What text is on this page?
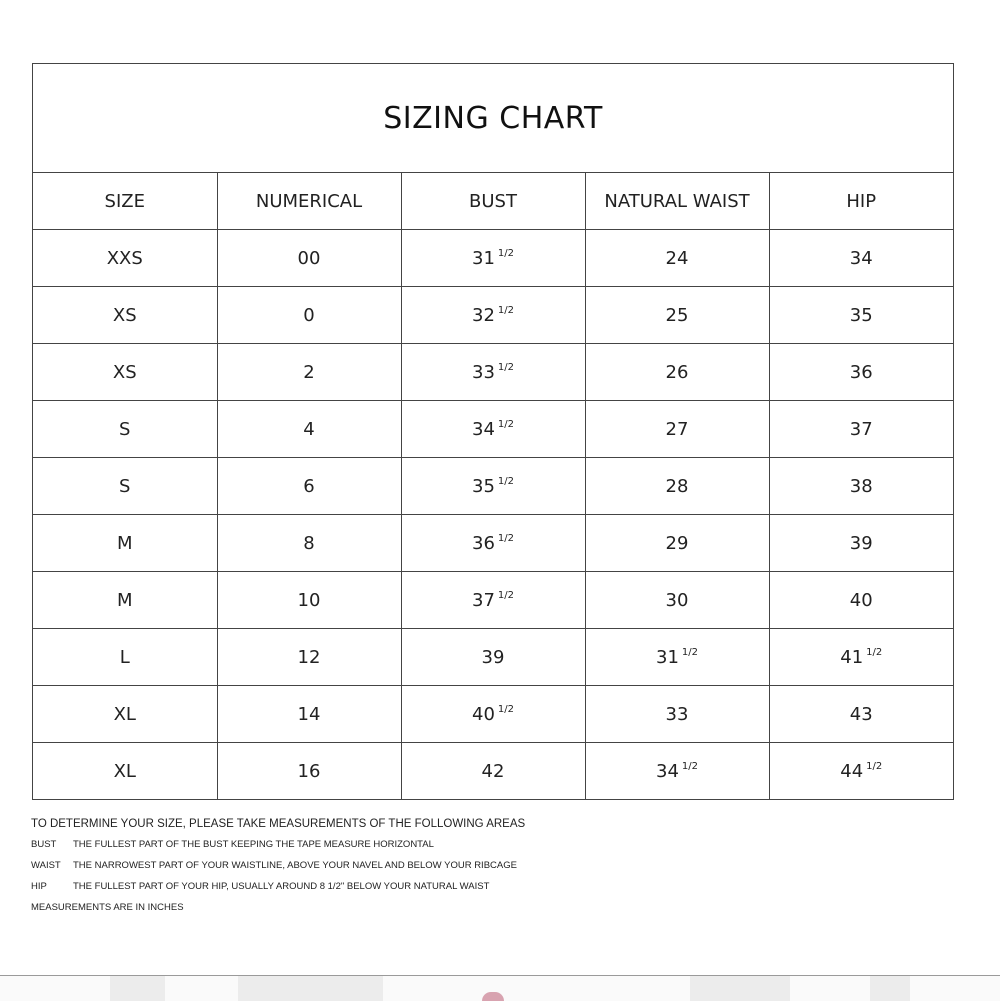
SIZING CHART
SIZE	NUMERICAL	BUST	NATURAL WAIST	HIP
XXS	00	31 $^{1/2}$	24	34
XS	0	32 $^{1/2}$	25	35
XS	2	33 $^{1/2}$	26	36
S	4	34 $^{1/2}$	27	37
S	6	35 $^{1/2}$	28	38
M	8	36 $^{1/2}$	29	39
M	10	37 $^{1/2}$	30	40
L	12	39	31 $^{1/2}$	41 $^{1/2}$
XL	14	40 $^{1/2}$	33	43
XL	16	42	34 $^{1/2}$	44 $^{1/2}$
TO DETERMINE YOUR SIZE, PLEASE TAKE MEASUREMENTS OF THE FOLLOWING AREAS
BUST	THE FULLEST PART OF THE BUST KEEPING THE TAPE MEASURE HORIZONTAL
WAIST	THE NARROWEST PART OF YOUR WAISTLINE, ABOVE YOUR NAVEL AND BELOW YOUR RIBCAGE
HIP	THE FULLEST PART OF YOUR HIP, USUALLY AROUND 8 1/2" BELOW YOUR NATURAL WAIST
MEASUREMENTS ARE IN INCHES
